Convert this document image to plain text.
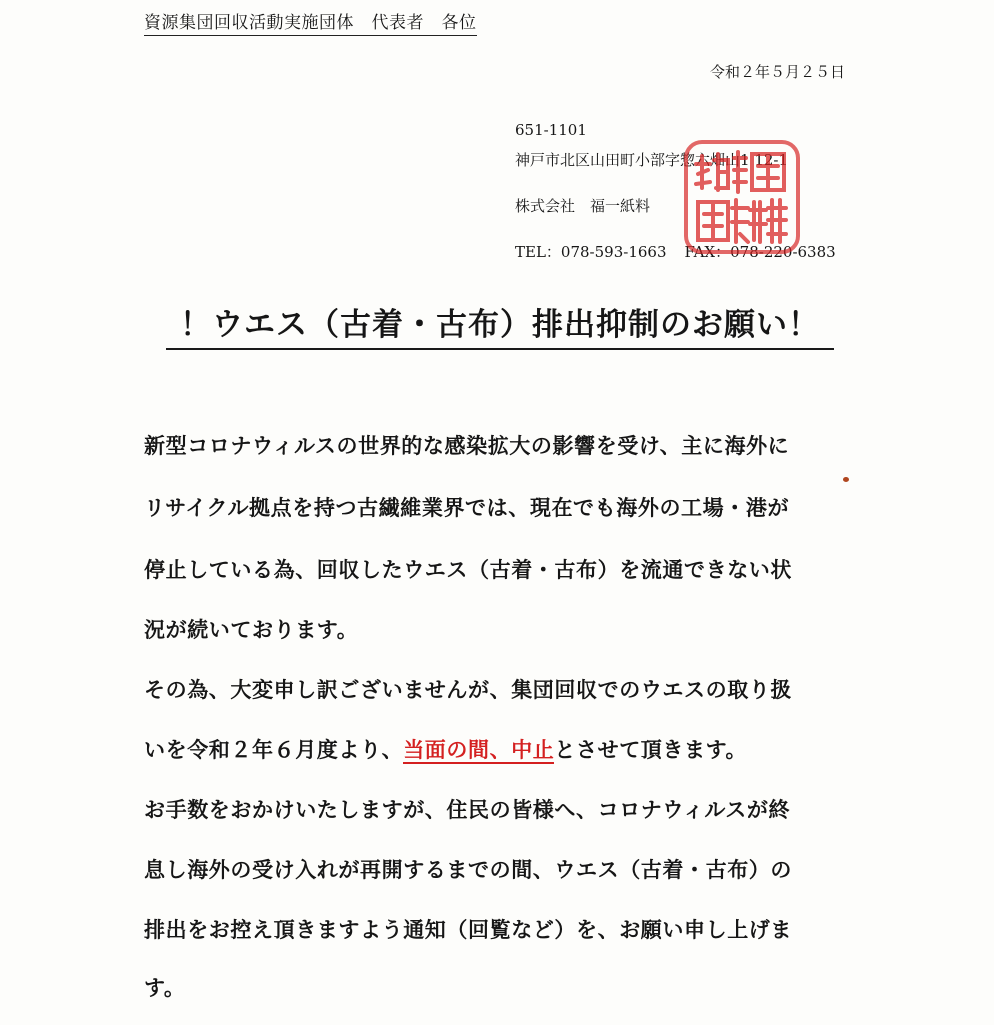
資源集団回収活動実施団体　代表者　各位
令和２年５月２５日
651-1101
神戸市北区山田町小部字惣六畑山1 12-1
株式会社　福一紙料
TEL：078-593-1663 FAX：078-220-6383
！ウエス（古着・古布）排出抑制のお願い！
新型コロナウィルスの世界的な感染拡大の影響を受け、主に海外に
リサイクル拠点を持つ古繊維業界では、現在でも海外の工場・港が
停止している為、回収したウエス（古着・古布）を流通できない状
況が続いております。
その為、大変申し訳ございませんが、集団回収でのウエスの取り扱
いを令和２年６月度より、当面の間、中止とさせて頂きます。
お手数をおかけいたしますが、住民の皆様へ、コロナウィルスが終
息し海外の受け入れが再開するまでの間、ウエス（古着・古布）の
排出をお控え頂きますよう通知（回覧など）を、お願い申し上げま
す。
